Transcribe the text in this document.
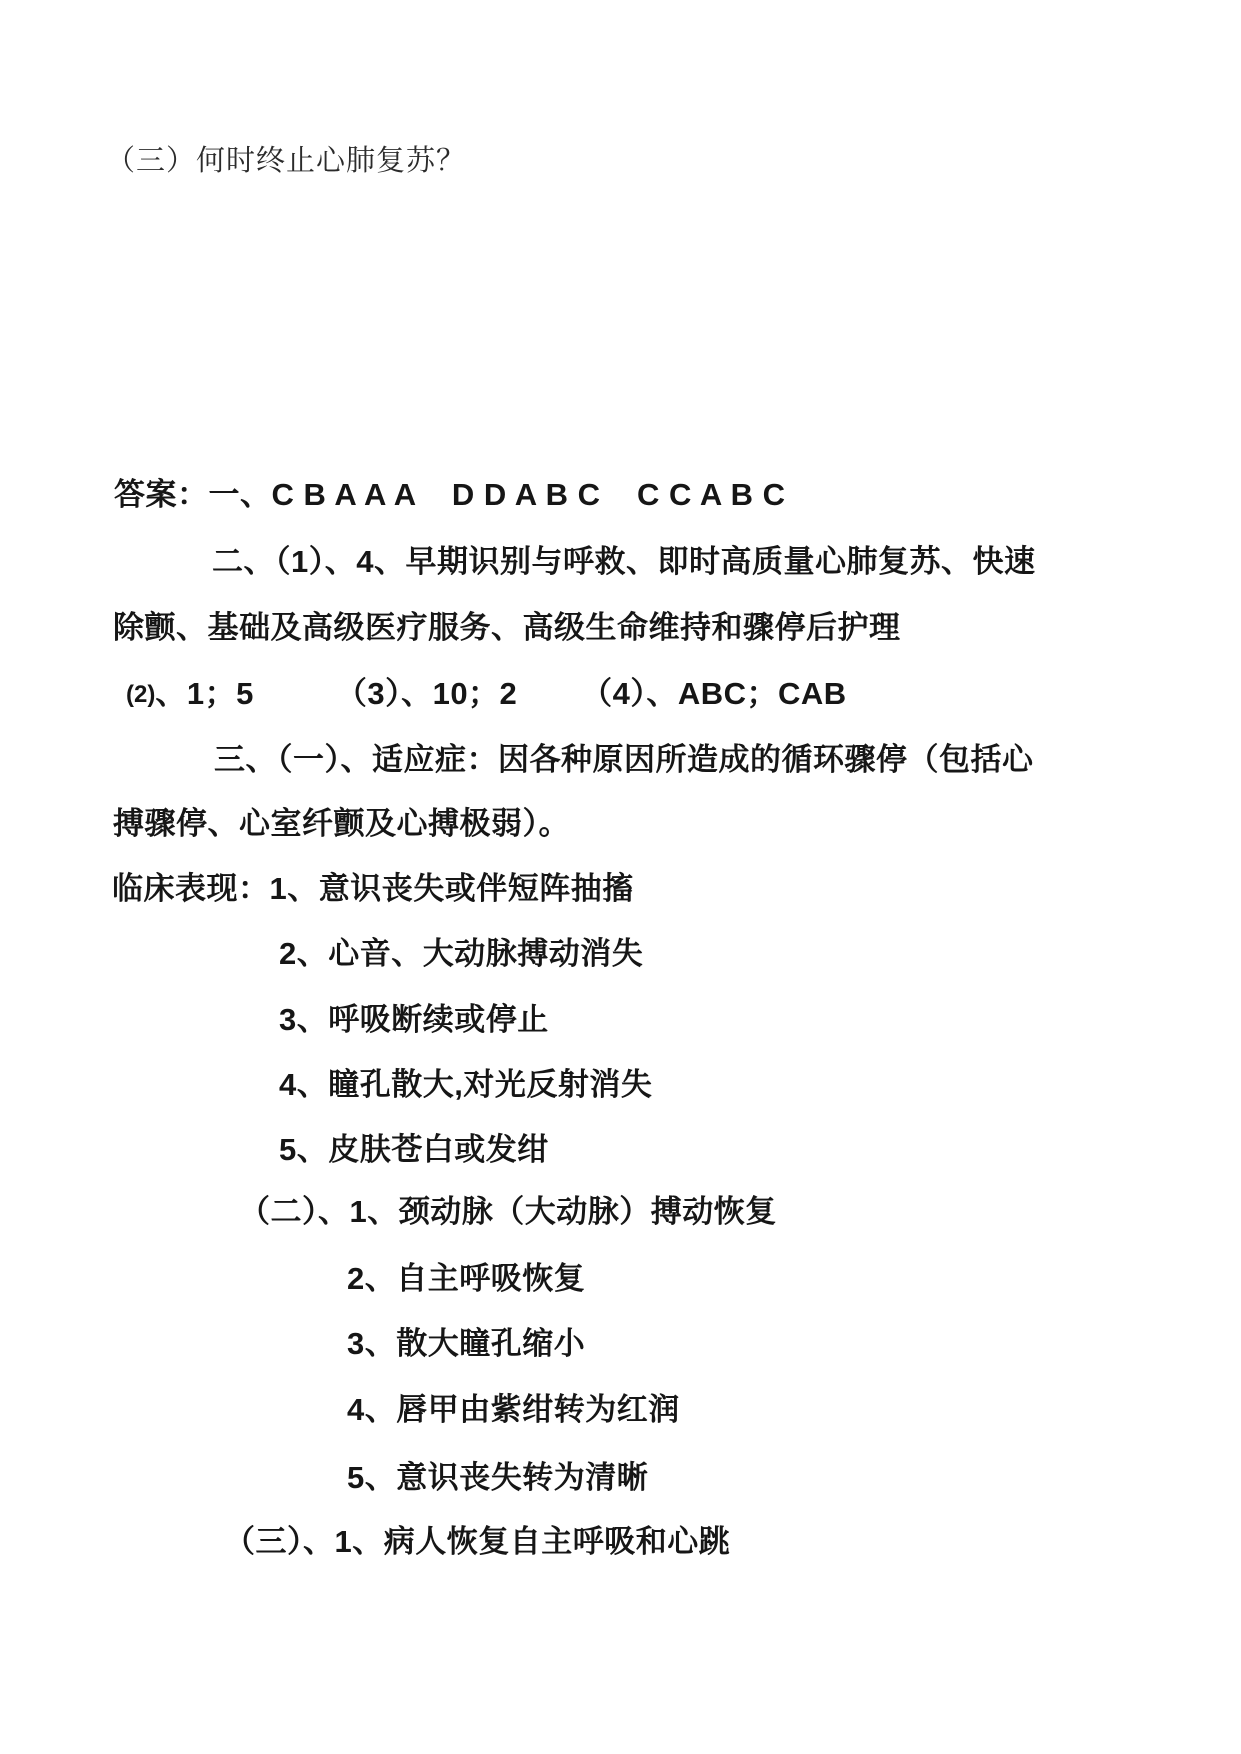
（三）何时终止心肺复苏？
答案：一、C B A A A    D D A B C    C C A B C
二、（1）、4、早期识别与呼救、即时高质量心肺复苏、快速
除颤、基础及高级医疗服务、高级生命维持和骤停后护理
(2)、1；5         （3）、10；2       （4）、ABC；CAB
三、（一）、适应症：因各种原因所造成的循环骤停（包括心
搏骤停、心室纤颤及心搏极弱）。
临床表现：1、意识丧失或伴短阵抽搐
2、心音、大动脉搏动消失
3、呼吸断续或停止
4、瞳孔散大,对光反射消失
5、皮肤苍白或发绀
（二）、1、颈动脉（大动脉）搏动恢复
2、自主呼吸恢复
3、散大瞳孔缩小
4、唇甲由紫绀转为红润
5、意识丧失转为清晰
（三）、1、病人恢复自主呼吸和心跳
